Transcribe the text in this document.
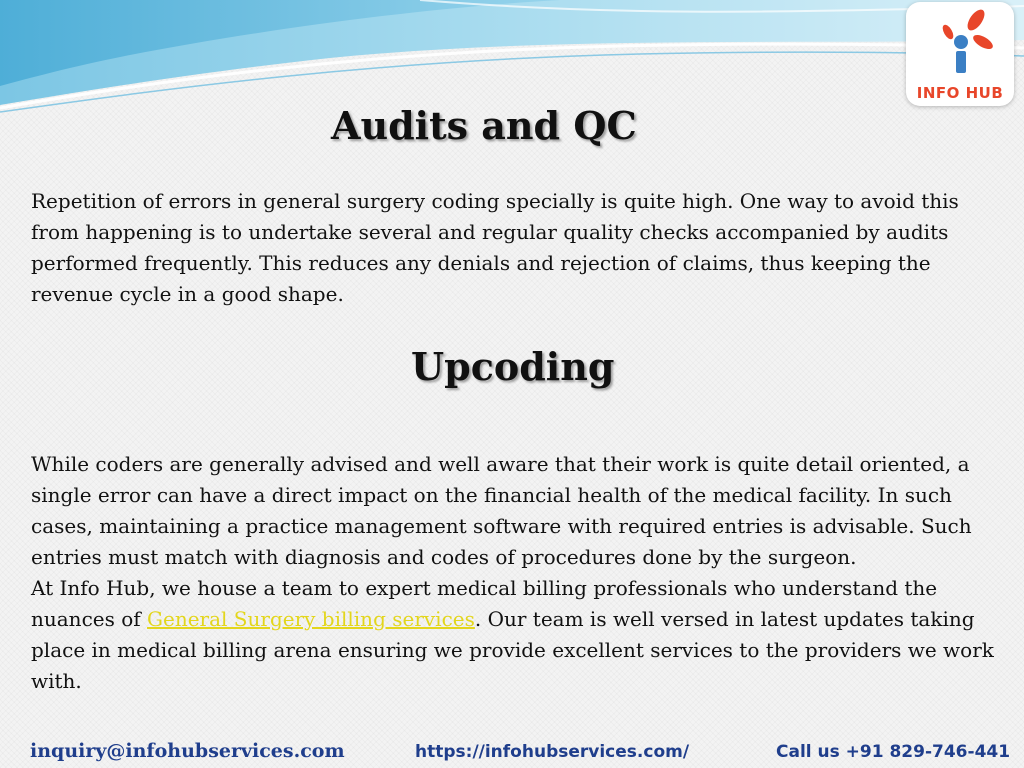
INFO HUB
Audits and QC

Repetition of errors in general surgery coding specially is quite high. One way to avoid this from happening is to undertake several and regular quality checks accompanied by audits performed frequently. This reduces any denials and rejection of claims, thus keeping the revenue cycle in a good shape.

Upcoding
While coders are generally advised and well aware that their work is quite detail oriented, a single error can have a direct impact on the financial health of the medical facility. In such cases, maintaining a practice management software with required entries is advisable. Such entries must match with diagnosis and codes of procedures done by the surgeon.
At Info Hub, we house a team to expert medical billing professionals who understand the nuances of General Surgery billing services. Our team is well versed in latest updates taking place in medical billing arena ensuring we provide excellent services to the providers we work with.
inquiry@infohubservices.com	https://infohubservices.com/	Call us +91 829-746-441
